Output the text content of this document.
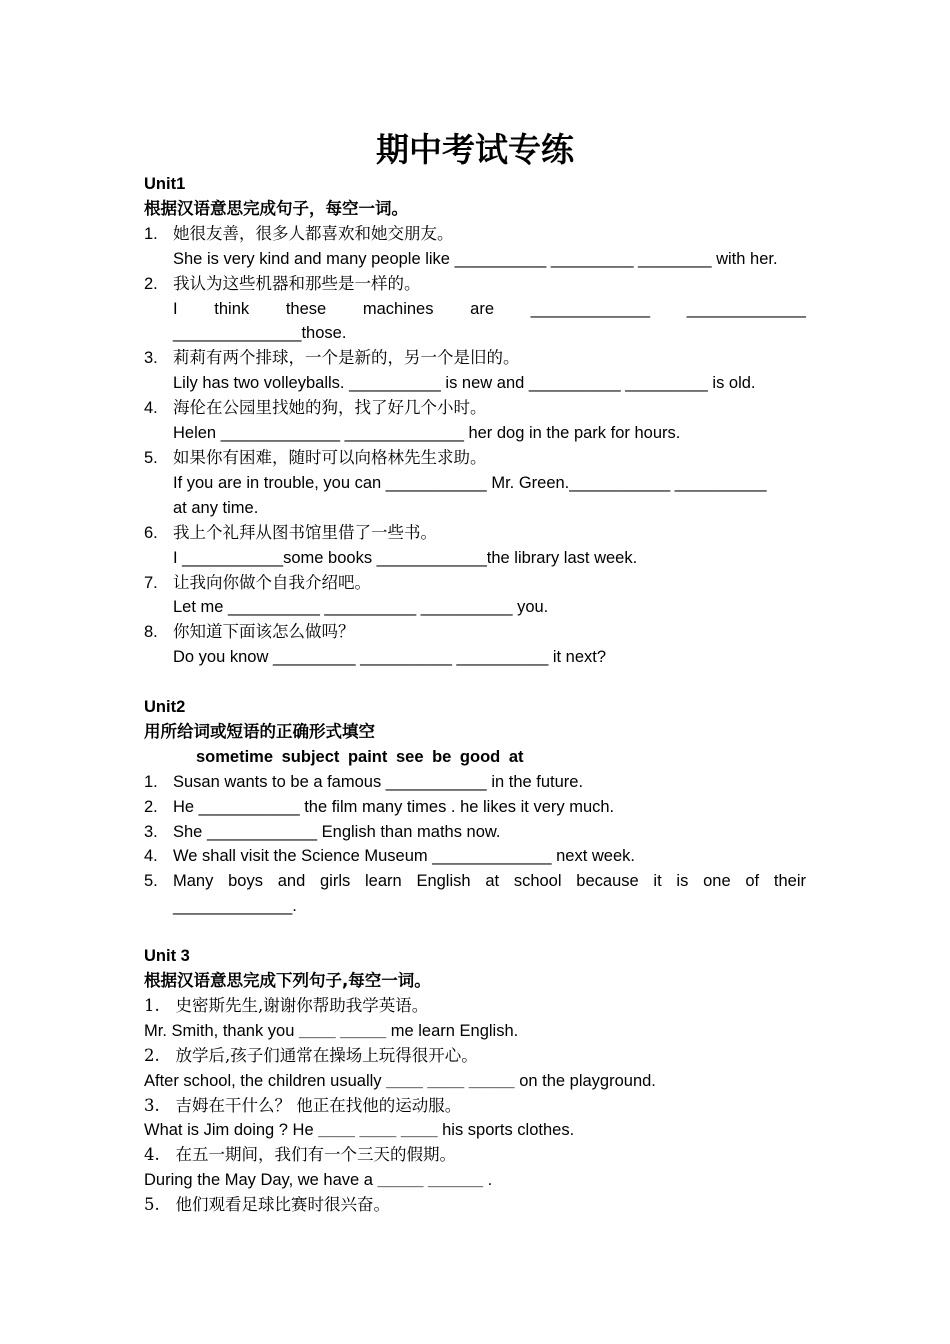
期中考试专练

Unit1

根据汉语意思完成句子，每空一词。

1. 她很友善，很多人都喜欢和她交朋友。

She is very kind and many people like __________ _________ ________ with her.

2. 我认为这些机器和那些是一样的。

I think these machines are _____________ _____________

______________those.

3. 莉莉有两个排球，一个是新的，另一个是旧的。

Lily has two volleyballs. __________ is new and __________ _________ is old.

4. 海伦在公园里找她的狗，找了好几个小时。

Helen _____________ _____________ her dog in the park for hours.

5. 如果你有困难，随时可以向格林先生求助。

If you are in trouble, you can ___________ Mr. Green.___________ __________

at any time.

6. 我上个礼拜从图书馆里借了一些书。

I ___________some books ____________the library last week.

7. 让我向你做个自我介绍吧。

Let me __________ __________ __________ you.

8. 你知道下面该怎么做吗？

Do you know _________ __________ __________ it next?

Unit2

用所给词或短语的正确形式填空

sometime subject paint see be good at

1. Susan wants to be a famous ___________ in the future.

2. He ___________ the film many times . he likes it very much.

3. She ____________ English than maths now.

4. We shall visit the Science Museum _____________ next week.

5. Many boys and girls learn English at school because it is one of their

_____________.

Unit 3

根据汉语意思完成下列句子,每空一词。

1. 史密斯先生,谢谢你帮助我学英语。

Mr. Smith, thank you ____ _____ me learn English.

2. 放学后,孩子们通常在操场上玩得很开心。

After school, the children usually ____ ____ _____ on the playground.

3. 吉姆在干什么？ 他正在找他的运动服。

What is Jim doing ? He ____ ____ ____ his sports clothes.

4. 在五一期间，我们有一个三天的假期。

During the May Day, we have a _____ ______ .

5. 他们观看足球比赛时很兴奋。
